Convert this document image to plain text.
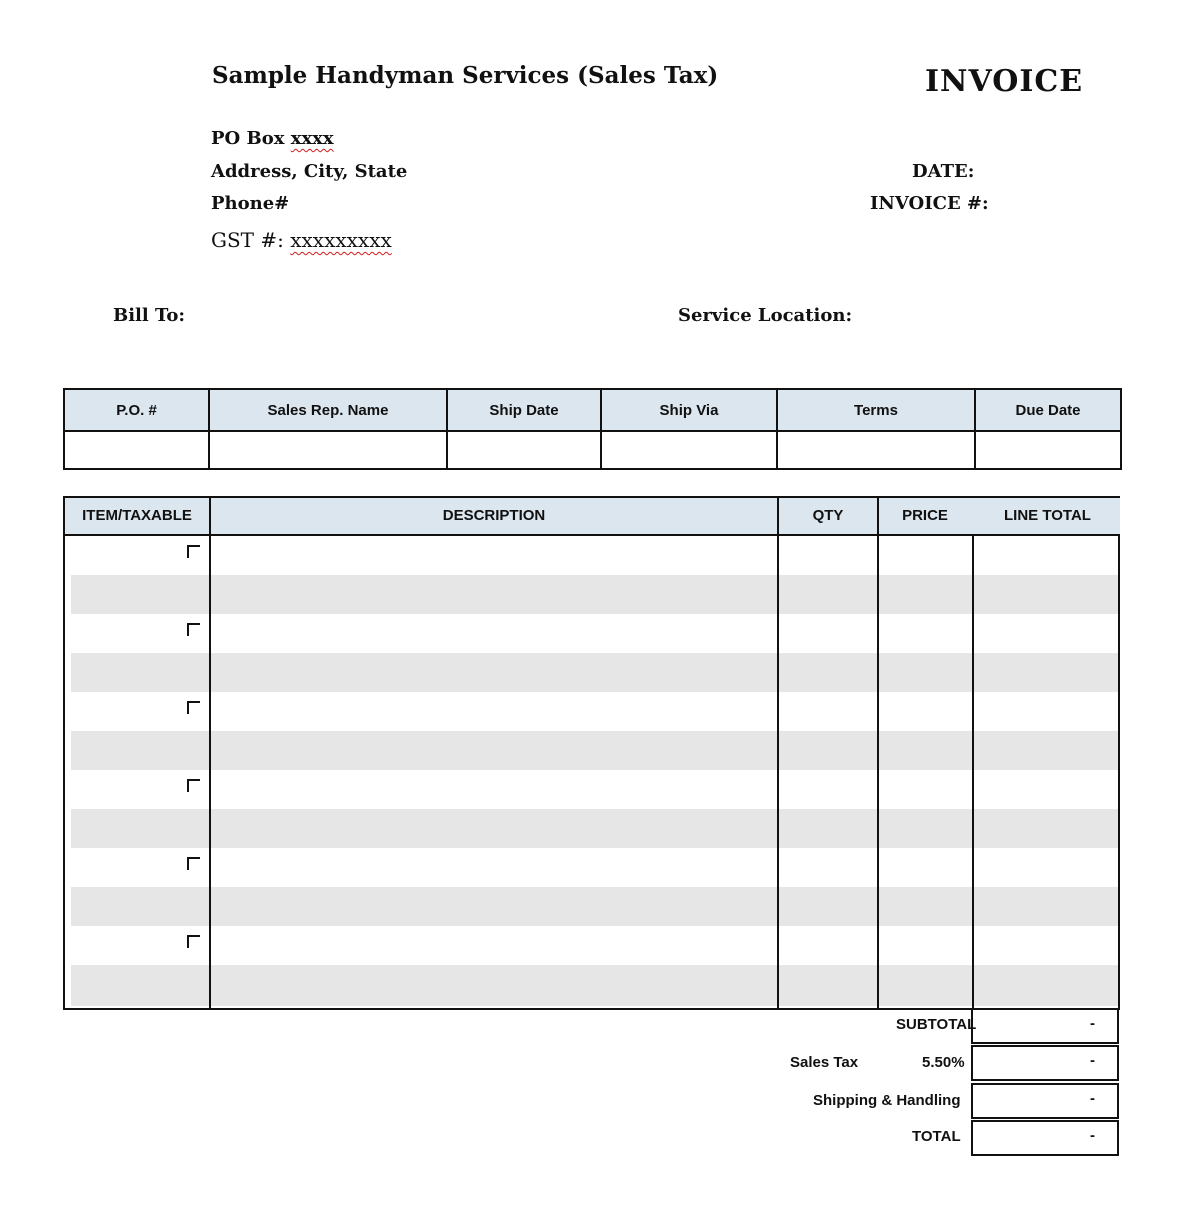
Sample Handyman Services (Sales Tax)	INVOICE
PO Box xxxx
Address, City, State
Phone#
GST #: xxxxxxxxx
DATE:
INVOICE #:
Bill To:	Service Location:
P.O. #	Sales Rep. Name	Ship Date	Ship Via	Terms	Due Date

ITEM/TAXABLE	DESCRIPTION	QTY	PRICE	LINE TOTAL
SUBTOTAL	-
Sales Tax	5.50%	-
Shipping & Handling	-
TOTAL	-
